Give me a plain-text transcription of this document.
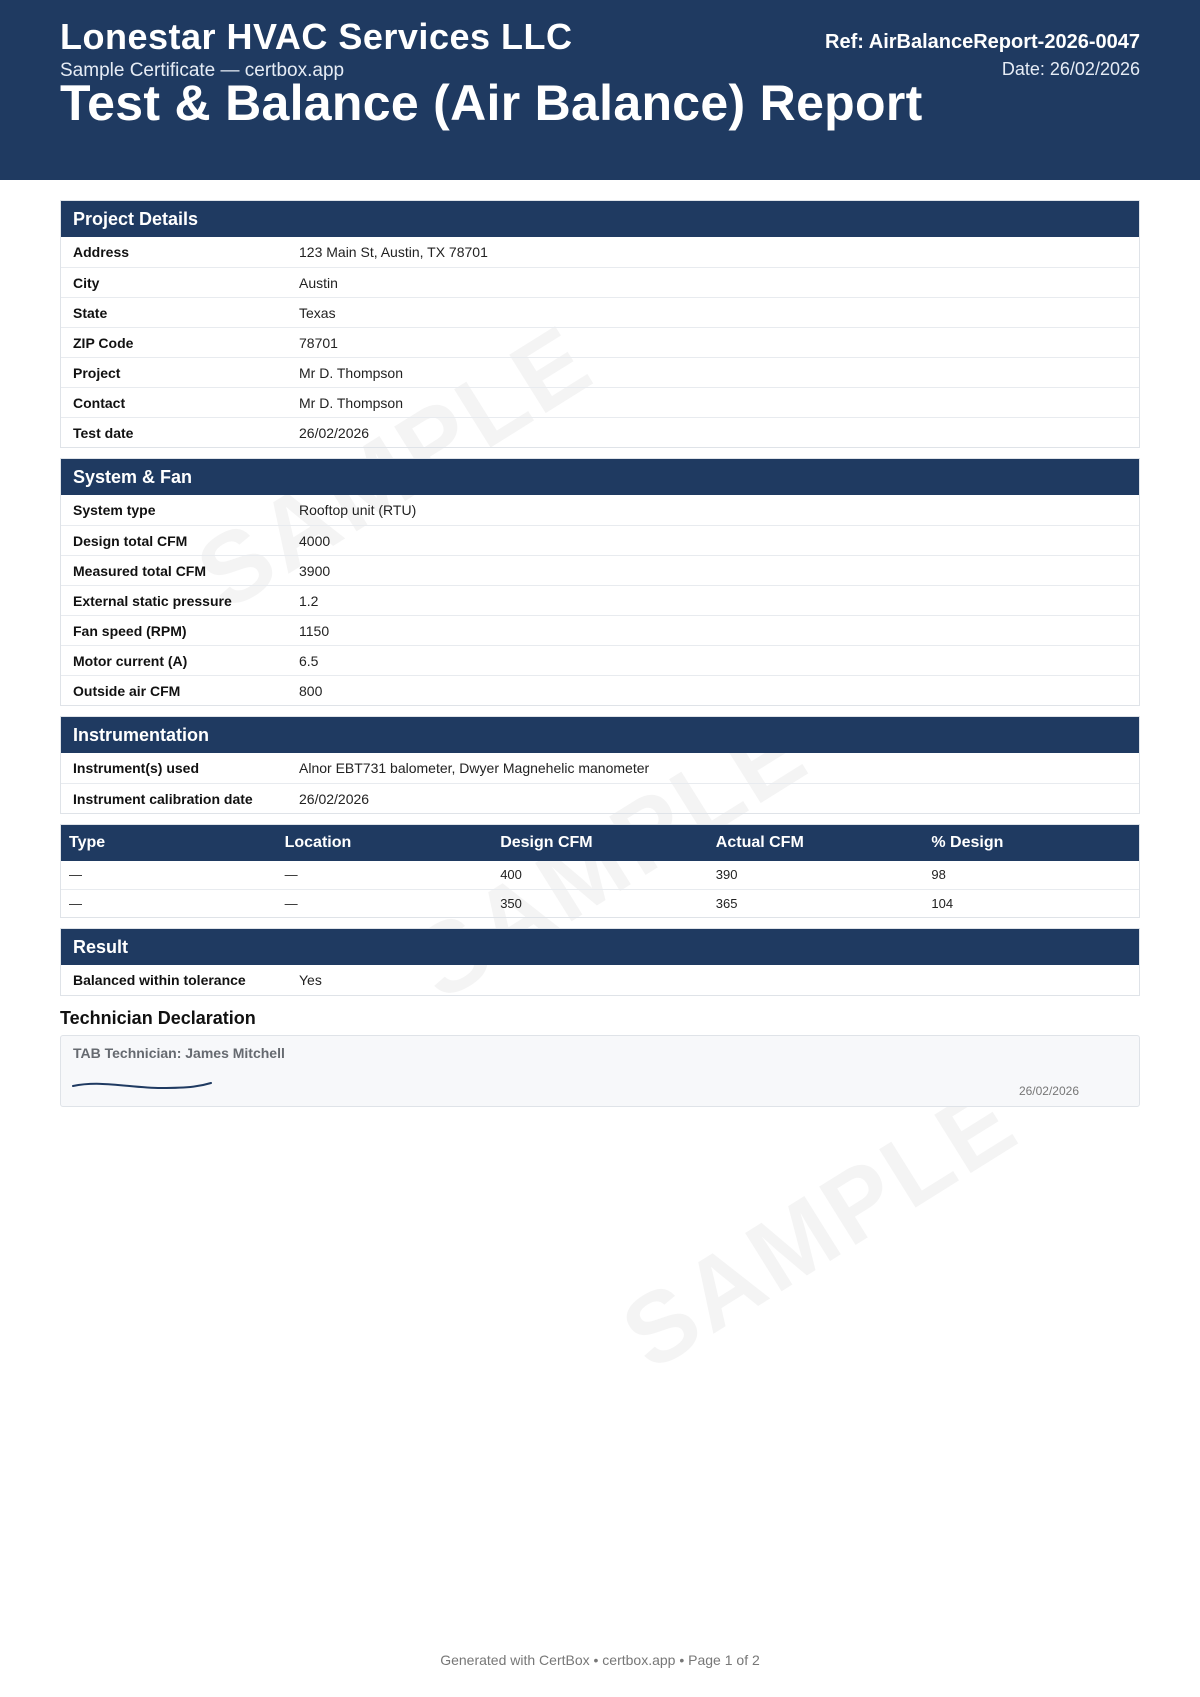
Lonestar HVAC Services LLC
Sample Certificate — certbox.app
Test & Balance (Air Balance) Report
Ref: AirBalanceReport-2026-0047
Date: 26/02/2026
Project Details
Address	123 Main St, Austin, TX 78701
City	Austin
State	Texas
ZIP Code	78701
Project	Mr D. Thompson
Contact	Mr D. Thompson
Test date	26/02/2026
System & Fan
System type	Rooftop unit (RTU)
Design total CFM	4000
Measured total CFM	3900
External static pressure	1.2
Fan speed (RPM)	1150
Motor current (A)	6.5
Outside air CFM	800
Instrumentation
Instrument(s) used	Alnor EBT731 balometer, Dwyer Magnehelic manometer
Instrument calibration date	26/02/2026
Type	Location	Design CFM	Actual CFM	% Design
—	—	400	390	98
—	—	350	365	104
Result
Balanced within tolerance	Yes
Technician Declaration
TAB Technician: James Mitchell
26/02/2026
Generated with CertBox • certbox.app • Page 1 of 2
